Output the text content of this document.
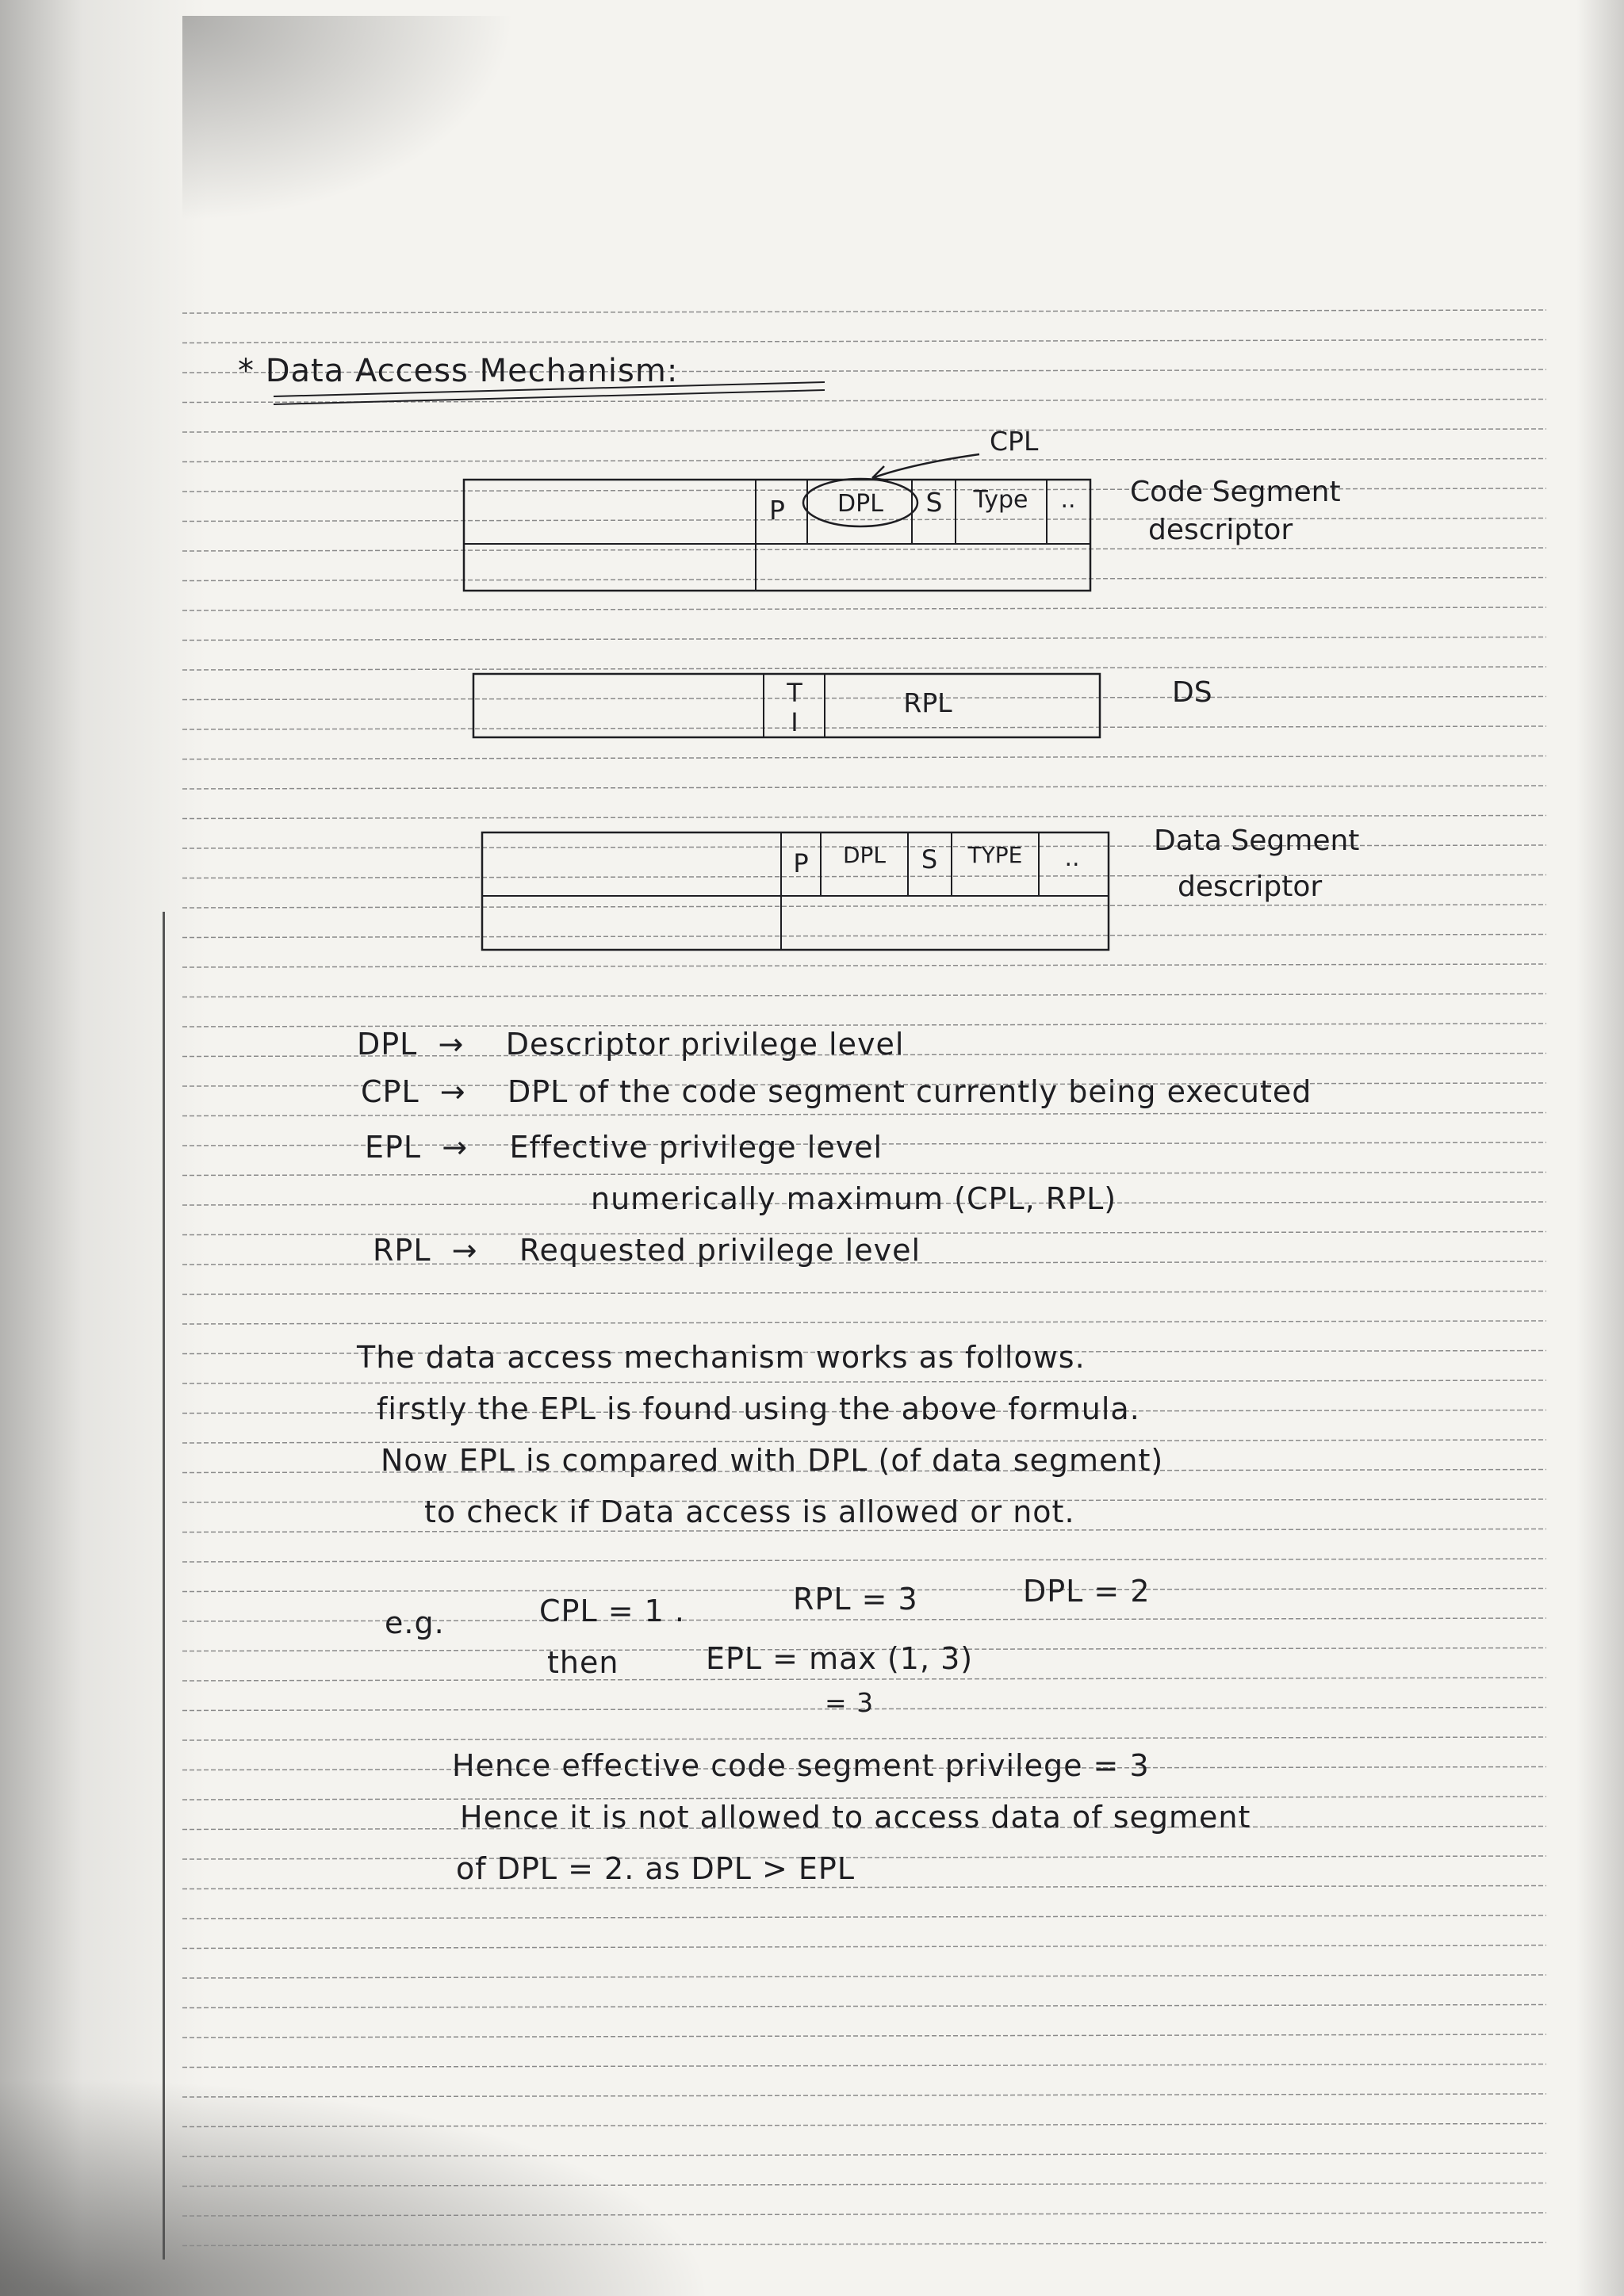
* Data Access Mechanism:
CPL
P DPL S Type .. Code Segment
descriptor
T
I
RPL	DS
P DPL S TYPE ..
Data Segment
descriptor
DPL → Descriptor privilege level
CPL → DPL of the code segment currently being executed
EPL → Effective privilege level
numerically maximum (CPL, RPL)
RPL → Requested privilege level
The data access mechanism works as follows.
firstly the EPL is found using the above formula.
Now EPL is compared with DPL (of data segment)
to check if Data access is allowed or not.
e.g.	CPL = 1 .	RPL = 3	DPL = 2
then	EPL = max (1, 3)
= 3
Hence effective code segment privilege = 3
Hence it is not allowed to access data of segment
of DPL = 2. as DPL > EPL
